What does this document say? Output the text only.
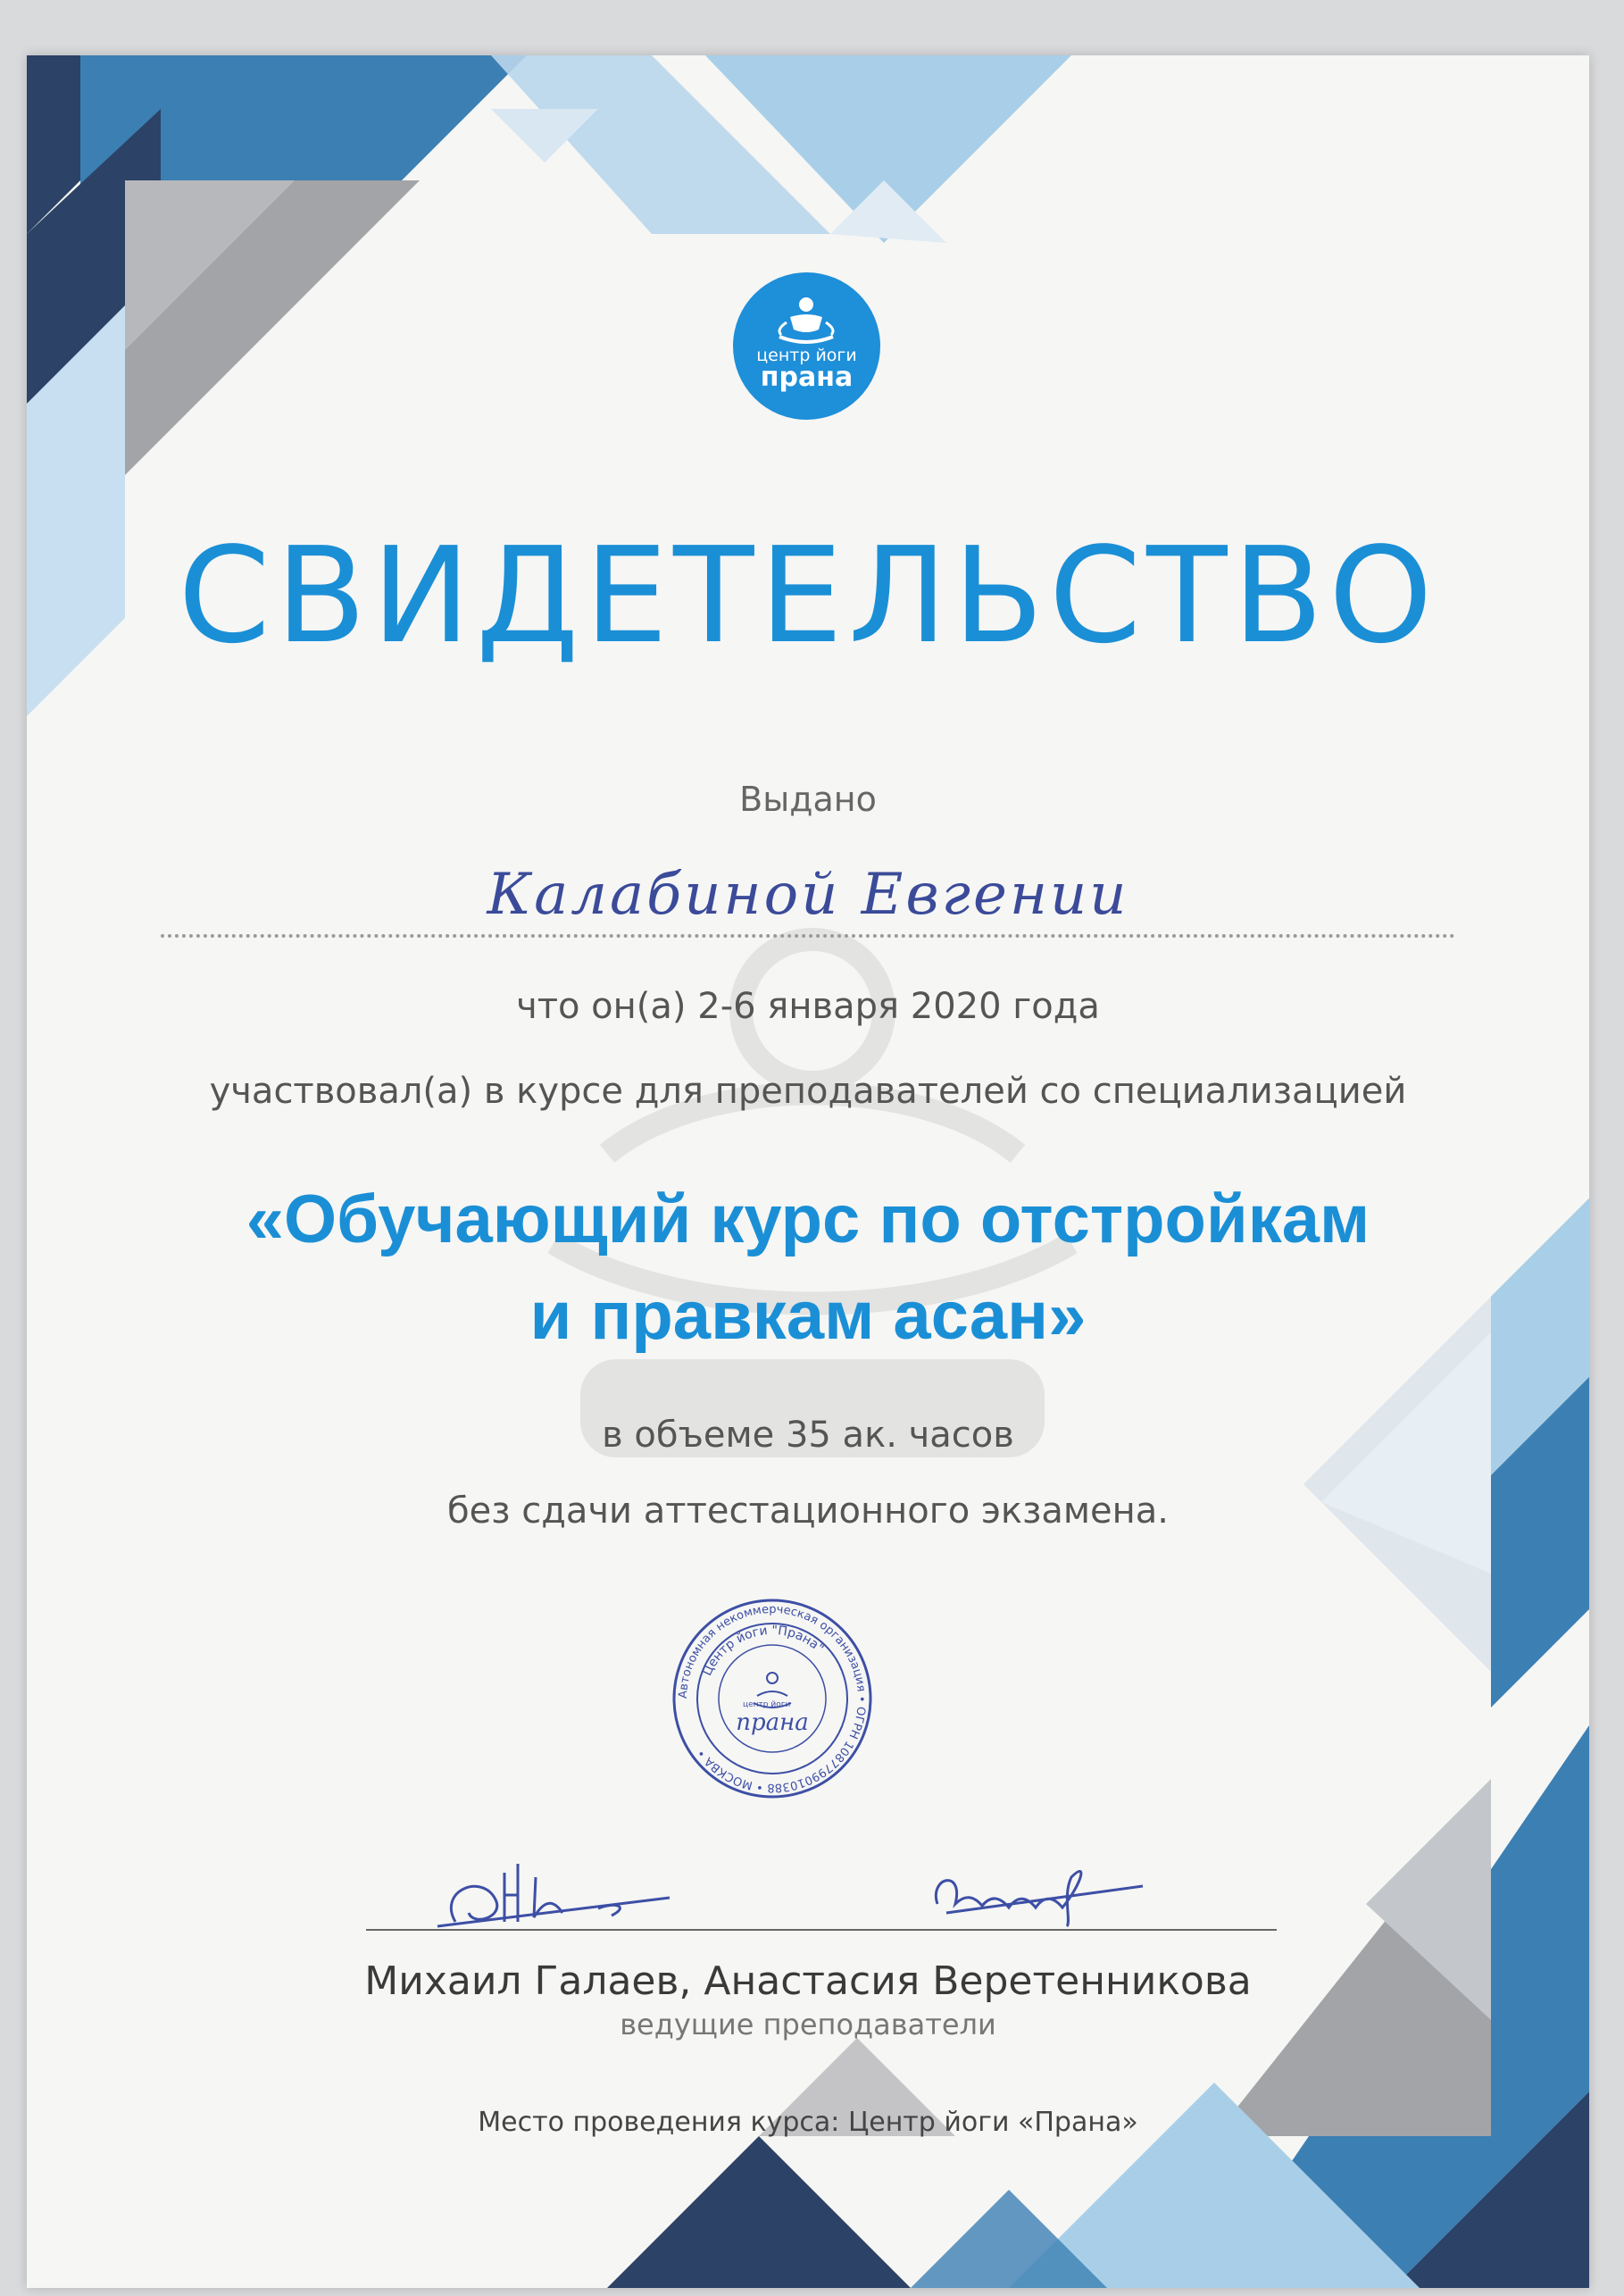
центр йоги
прана
СВИДЕТЕЛЬСТВО
Выдано
Калабиной Евгении
что он(а) 2-6 января 2020 года
участвовал(а) в курсе для преподавателей со специализацией
«Обучающий курс по отстройкам
и правкам асан»
в объеме 35 ак. часов
без сдачи аттестационного экзамена.
Автономная некоммерческая организация • ОГРН 1087799010388 • МОСКВА •
Центр йоги "Прана"
центр йоги
прана
Михаил Галаев, Анастасия Веретенникова
ведущие преподаватели
Место проведения курса: Центр йоги «Прана»
